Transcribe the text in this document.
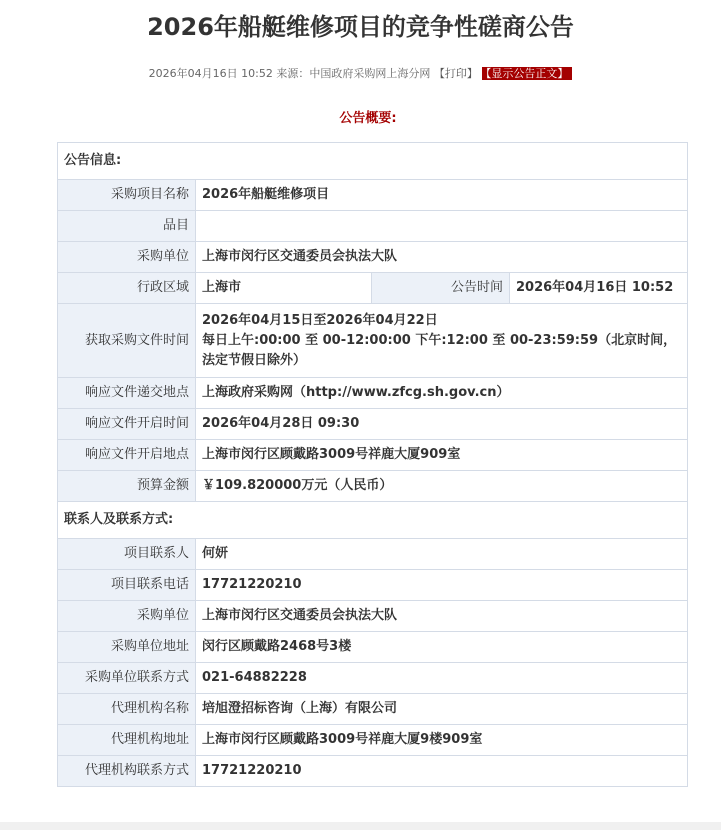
2026年船艇维修项目的竞争性磋商公告
2026年04月16日 10:52 来源：中国政府采购网上海分网 【打印】 【显示公告正文】
公告概要:
公告信息:			
采购项目名称	2026年船艇维修项目		
品目			
采购单位	上海市闵行区交通委员会执法大队		
行政区域	上海市	公告时间	2026年04月16日 10:52
获取采购文件时间	2026年04月15日至2026年04月22日
每日上午:00:00 至 00-12:00:00 下午:12:00 至 00-23:59:59（北京时间，法定节假日除外）		

响应文件递交地点	上海政府采购网（http://www.zfcg.sh.gov.cn）		
响应文件开启时间	2026年04月28日 09:30		
响应文件开启地点	上海市闵行区顾戴路3009号祥鹿大厦909室		
预算金额	￥109.820000万元（人民币）		
联系人及联系方式:			
项目联系人	何妍		
项目联系电话	17721220210		
采购单位	上海市闵行区交通委员会执法大队		
采购单位地址	闵行区顾戴路2468号3楼		
采购单位联系方式	021-64882228		
代理机构名称	培旭澄招标咨询（上海）有限公司		
代理机构地址	上海市闵行区顾戴路3009号祥鹿大厦9楼909室		
代理机构联系方式	17721220210		
